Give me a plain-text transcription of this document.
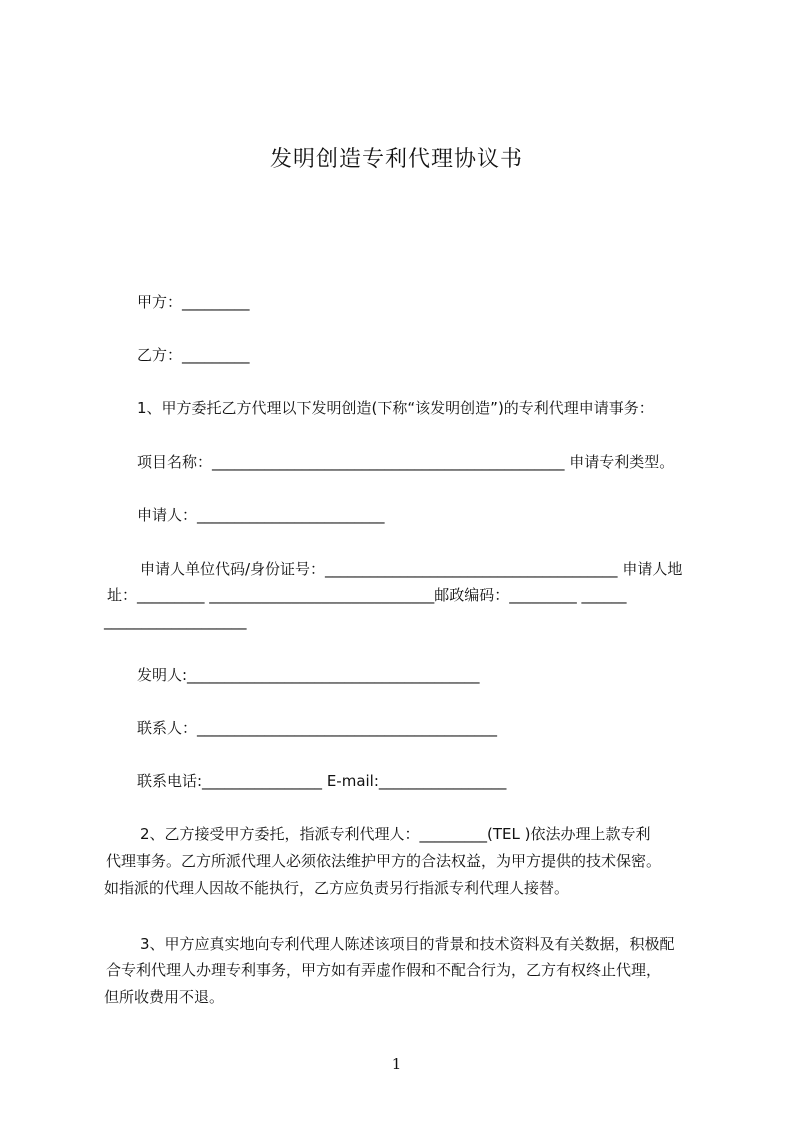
发明创造专利代理协议书
甲方：_________
乙方：_________
1、甲方委托乙方代理以下发明创造(下称“该发明创造”)的专利代理申请事务：
项目名称：_______________________________________________ 申请专利类型。
申请人：_________________________
申请人单位代码/身份证号：_______________________________________ 申请人地
址：_________ ______________________________邮政编码：_________ ______
___________________
发明人:_______________________________________
联系人：________________________________________
联系电话:________________ E-mail:_________________
2、乙方接受甲方委托，指派专利代理人：_________(TEL )依法办理上款专利
代理事务。乙方所派代理人必须依法维护甲方的合法权益，为甲方提供的技术保密。
如指派的代理人因故不能执行，乙方应负责另行指派专利代理人接替。
3、甲方应真实地向专利代理人陈述该项目的背景和技术资料及有关数据，积极配
合专利代理人办理专利事务，甲方如有弄虚作假和不配合行为，乙方有权终止代理，
但所收费用不退。
1
